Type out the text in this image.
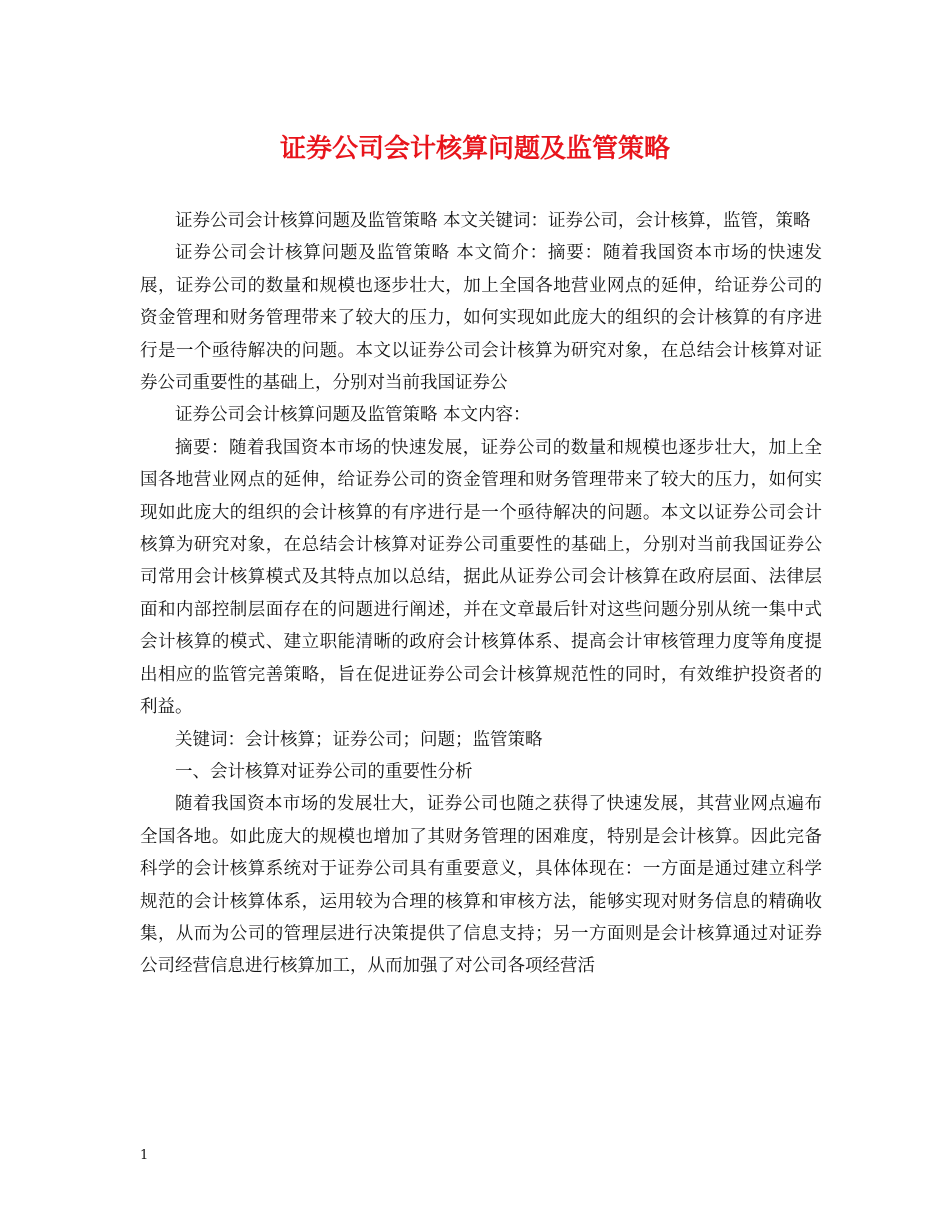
证券公司会计核算问题及监管策略

证券公司会计核算问题及监管策略 本文关键词：证券公司，会计核算，监管，策略

证券公司会计核算问题及监管策略 本文简介：摘要：随着我国资本市场的快速发展，证券公司的数量和规模也逐步壮大，加上全国各地营业网点的延伸，给证券公司的资金管理和财务管理带来了较大的压力，如何实现如此庞大的组织的会计核算的有序进行是一个亟待解决的问题。本文以证券公司会计核算为研究对象，在总结会计核算对证券公司重要性的基础上，分别对当前我国证券公

证券公司会计核算问题及监管策略 本文内容：

摘要：随着我国资本市场的快速发展，证券公司的数量和规模也逐步壮大，加上全国各地营业网点的延伸，给证券公司的资金管理和财务管理带来了较大的压力，如何实现如此庞大的组织的会计核算的有序进行是一个亟待解决的问题。本文以证券公司会计核算为研究对象，在总结会计核算对证券公司重要性的基础上，分别对当前我国证券公司常用会计核算模式及其特点加以总结，据此从证券公司会计核算在政府层面、法律层面和内部控制层面存在的问题进行阐述，并在文章最后针对这些问题分别从统一集中式会计核算的模式、建立职能清晰的政府会计核算体系、提高会计审核管理力度等角度提出相应的监管完善策略，旨在促进证券公司会计核算规范性的同时，有效维护投资者的利益。

关键词：会计核算；证券公司；问题；监管策略

一、会计核算对证券公司的重要性分析

随着我国资本市场的发展壮大，证券公司也随之获得了快速发展，其营业网点遍布全国各地。如此庞大的规模也增加了其财务管理的困难度，特别是会计核算。因此完备科学的会计核算系统对于证券公司具有重要意义，具体体现在：一方面是通过建立科学规范的会计核算体系，运用较为合理的核算和审核方法，能够实现对财务信息的精确收集，从而为公司的管理层进行决策提供了信息支持；另一方面则是会计核算通过对证券公司经营信息进行核算加工，从而加强了对公司各项经营活

1
